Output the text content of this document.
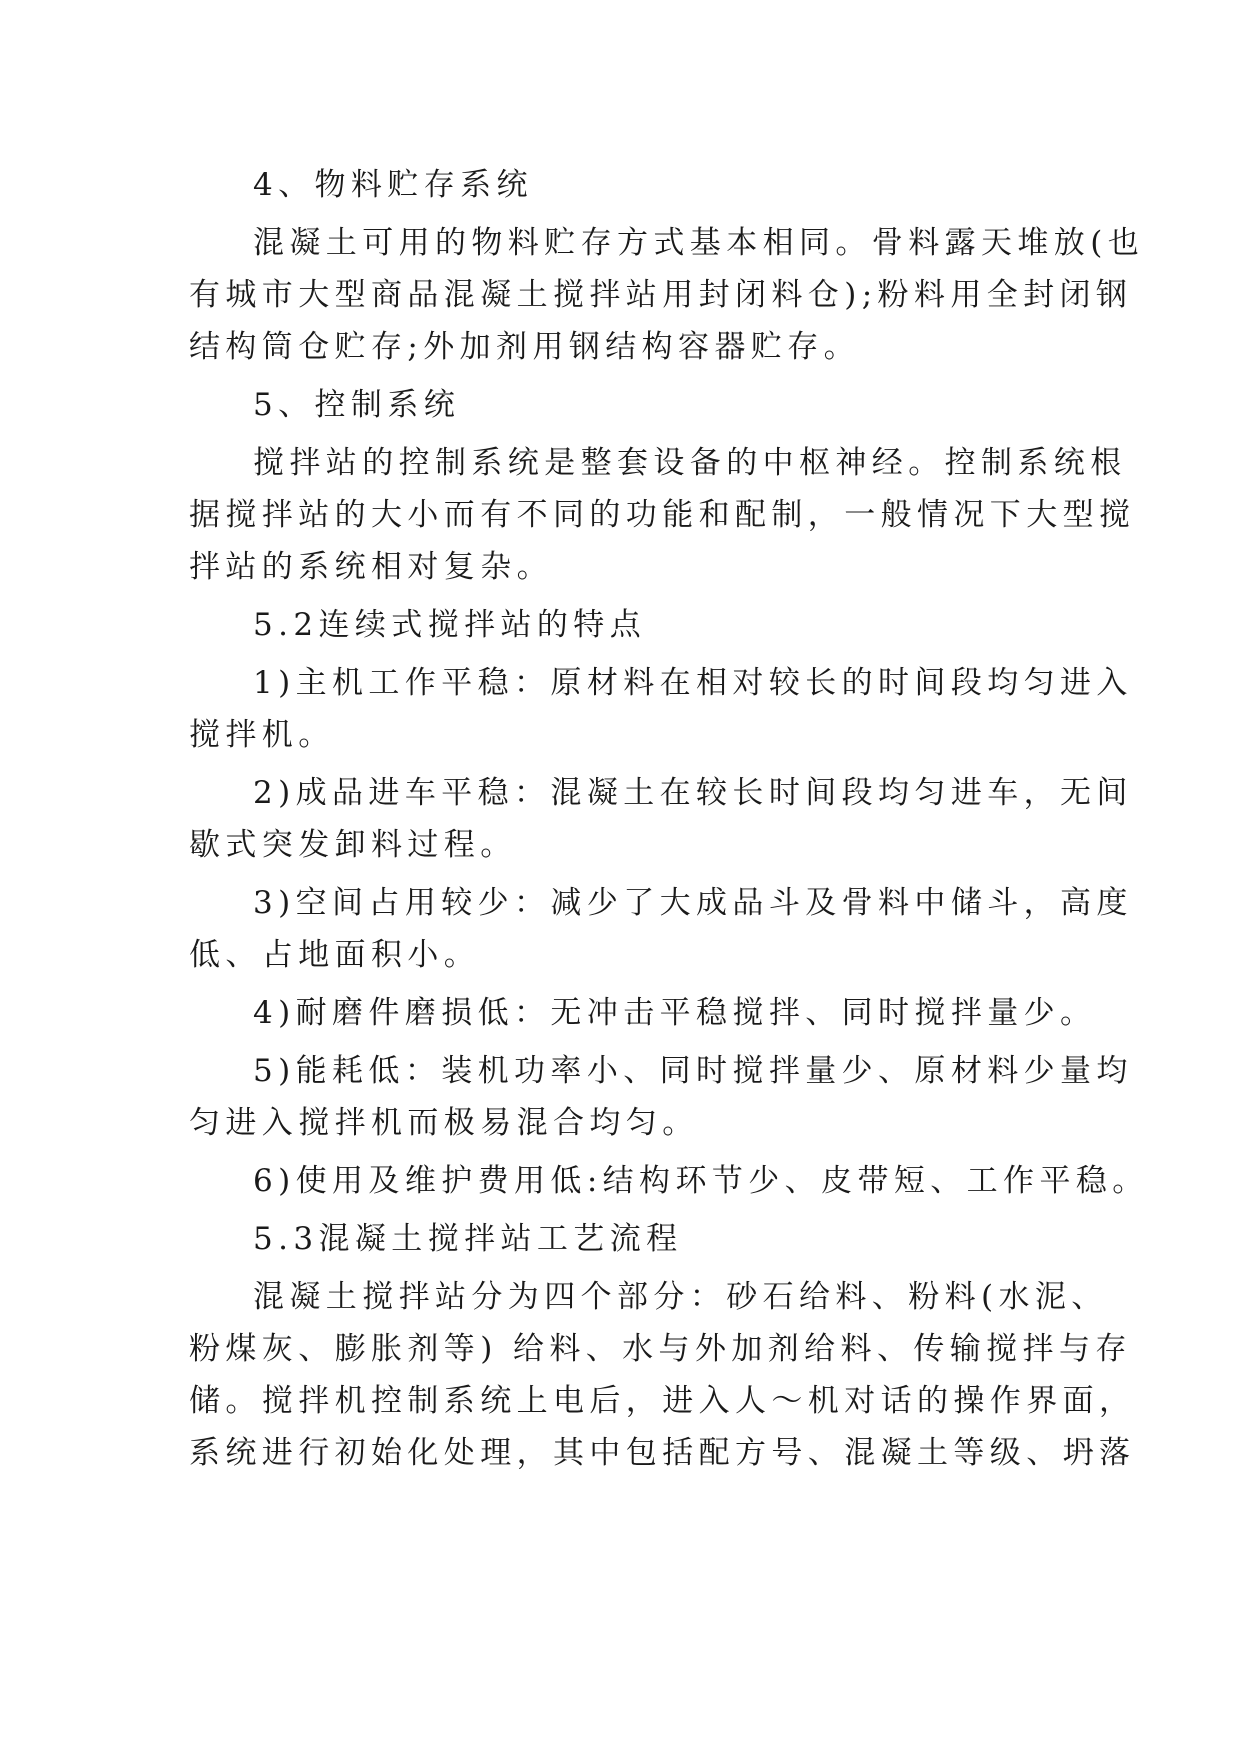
4、物料贮存系统
混凝土可用的物料贮存方式基本相同。骨料露天堆放(也
有城市大型商品混凝土搅拌站用封闭料仓);粉料用全封闭钢
结构筒仓贮存;外加剂用钢结构容器贮存。
5、控制系统
搅拌站的控制系统是整套设备的中枢神经。控制系统根
据搅拌站的大小而有不同的功能和配制，一般情况下大型搅
拌站的系统相对复杂。
5.2连续式搅拌站的特点
1)主机工作平稳：原材料在相对较长的时间段均匀进入
搅拌机。
2)成品进车平稳：混凝土在较长时间段均匀进车，无间
歇式突发卸料过程。
3)空间占用较少：减少了大成品斗及骨料中储斗，高度
低、占地面积小。
4)耐磨件磨损低：无冲击平稳搅拌、同时搅拌量少。
5)能耗低：装机功率小、同时搅拌量少、原材料少量均
匀进入搅拌机而极易混合均匀。
6)使用及维护费用低:结构环节少、皮带短、工作平稳。
5.3混凝土搅拌站工艺流程
混凝土搅拌站分为四个部分：砂石给料、粉料(水泥、
粉煤灰、膨胀剂等) 给料、水与外加剂给料、传输搅拌与存
储。搅拌机控制系统上电后，进入人～机对话的操作界面，
系统进行初始化处理，其中包括配方号、混凝土等级、坍落
